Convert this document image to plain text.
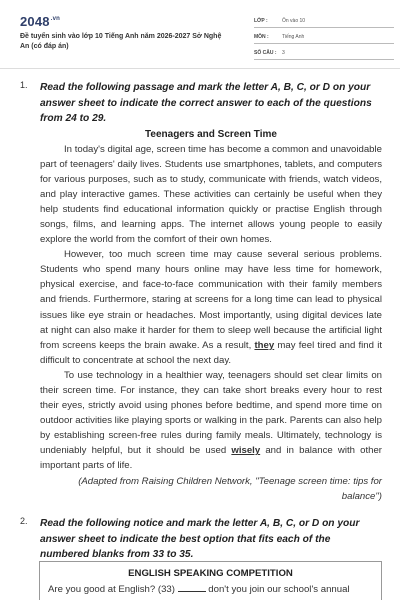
$2048^{.vn}$
Đề tuyển sinh vào lớp 10 Tiếng Anh năm 2026-2027 Sở Nghệ An (có đáp án)
LỚP :	Ôn vào 10
MÔN :	Tiếng Anh
SỐ CÂU :	3
1. Read the following passage and mark the letter A, B, C, or D on your answer sheet to indicate the correct answer to each of the questions from 24 to 29.
Teenagers and Screen Time

In today's digital age, screen time has become a common and unavoidable part of teenagers' daily lives. Students use smartphones, tablets, and computers for various purposes, such as to study, communicate with friends, watch videos, and play interactive games. These activities can certainly be useful when they help students find educational information quickly or practise English through songs, films, and learning apps. The internet allows young people to easily explore the world from the comfort of their own homes.

However, too much screen time may cause several serious problems. Students who spend many hours online may have less time for homework, physical exercise, and face-to-face communication with their family members and friends. Furthermore, staring at screens for a long time can lead to physical issues like eye strain or headaches. Most importantly, using digital devices late at night can also make it harder for them to sleep well because the artificial light from screens keeps the brain awake. As a result, they may feel tired and find it difficult to concentrate at school the next day.

To use technology in a healthier way, teenagers should set clear limits on their screen time. For instance, they can take short breaks every hour to rest their eyes, strictly avoid using phones before bedtime, and spend more time on outdoor activities like playing sports or walking in the park. Parents can also help by establishing screen-free rules during family meals. Ultimately, technology is undeniably helpful, but it should be used wisely and in balance with other important parts of life.

(Adapted from Raising Children Network, "Teenage screen time: tips for balance")

2. Read the following notice and mark the letter A, B, C, or D on your answer sheet to indicate the best option that fits each of the numbered blanks from 33 to 35.
ENGLISH SPEAKING COMPETITION
Are you good at English? (33)	don't you join our school's annual
